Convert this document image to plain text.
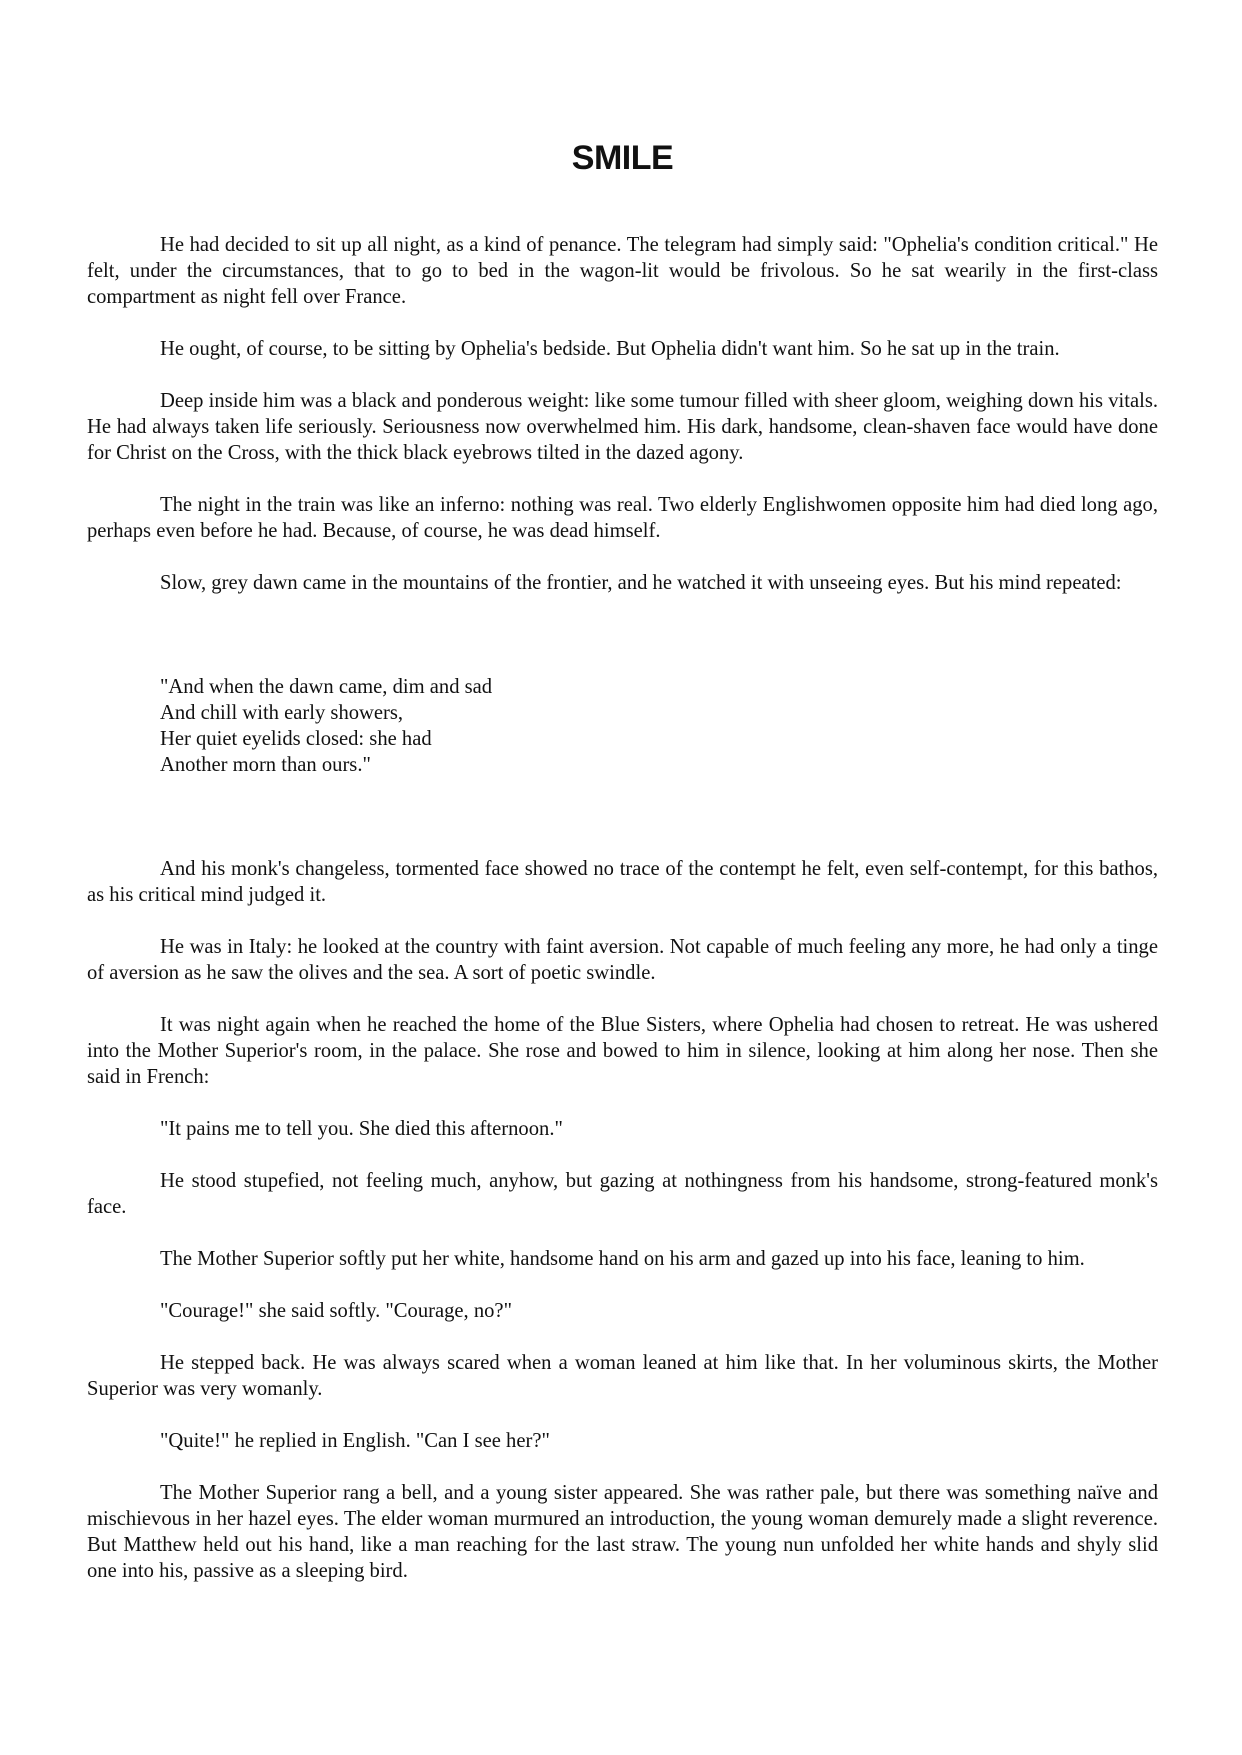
SMILE

He had decided to sit up all night, as a kind of penance. The telegram had simply said: "Ophelia's condition critical." He felt, under the circumstances, that to go to bed in the wagon-lit would be frivolous. So he sat wearily in the first-class compartment as night fell over France.

He ought, of course, to be sitting by Ophelia's bedside. But Ophelia didn't want him. So he sat up in the train.

Deep inside him was a black and ponderous weight: like some tumour filled with sheer gloom, weighing down his vitals. He had always taken life seriously. Seriousness now overwhelmed him. His dark, handsome, clean-shaven face would have done for Christ on the Cross, with the thick black eyebrows tilted in the dazed agony.

The night in the train was like an inferno: nothing was real. Two elderly Englishwomen opposite him had died long ago, perhaps even before he had. Because, of course, he was dead himself.

Slow, grey dawn came in the mountains of the frontier, and he watched it with unseeing eyes. But his mind repeated:

"And when the dawn came, dim and sad
And chill with early showers,
Her quiet eyelids closed: she had
Another morn than ours."

And his monk's changeless, tormented face showed no trace of the contempt he felt, even self-contempt, for this bathos, as his critical mind judged it.

He was in Italy: he looked at the country with faint aversion. Not capable of much feeling any more, he had only a tinge of aversion as he saw the olives and the sea. A sort of poetic swindle.

It was night again when he reached the home of the Blue Sisters, where Ophelia had chosen to retreat. He was ushered into the Mother Superior's room, in the palace. She rose and bowed to him in silence, looking at him along her nose. Then she said in French:

"It pains me to tell you. She died this afternoon."

He stood stupefied, not feeling much, anyhow, but gazing at nothingness from his handsome, strong-featured monk's face.

The Mother Superior softly put her white, handsome hand on his arm and gazed up into his face, leaning to him.

"Courage!" she said softly. "Courage, no?"

He stepped back. He was always scared when a woman leaned at him like that. In her voluminous skirts, the Mother Superior was very womanly.

"Quite!" he replied in English. "Can I see her?"

The Mother Superior rang a bell, and a young sister appeared. She was rather pale, but there was something naïve and mischievous in her hazel eyes. The elder woman murmured an introduction, the young woman demurely made a slight reverence. But Matthew held out his hand, like a man reaching for the last straw. The young nun unfolded her white hands and shyly slid one into his, passive as a sleeping bird.
